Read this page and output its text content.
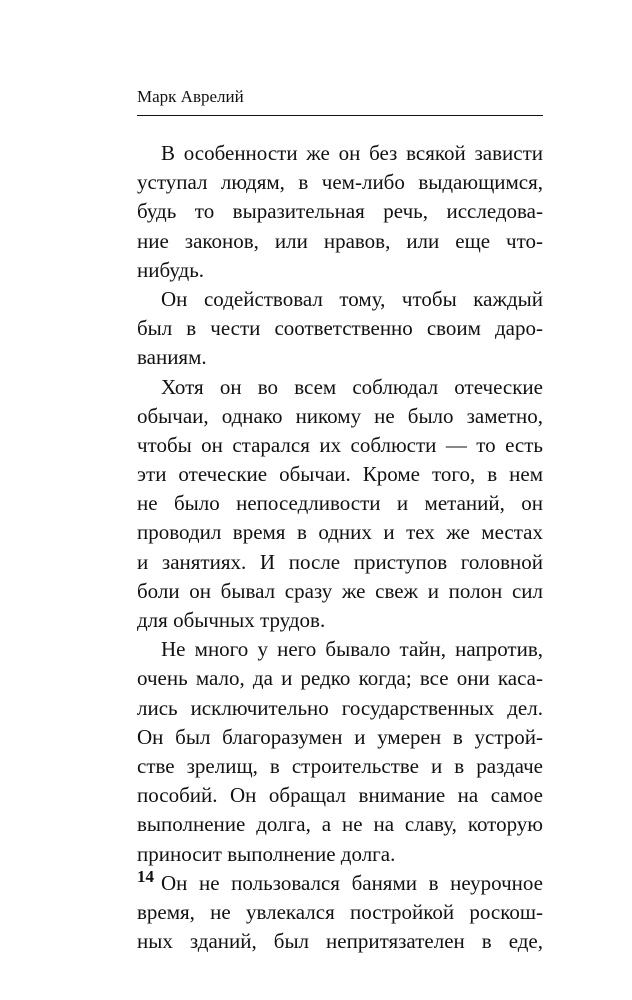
Марк Аврелий
В особенности же он без всякой зависти
уступал людям, в чем-либо выдающимся,
будь то выразительная речь, исследова-
ние законов, или нравов, или еще что-
нибудь.
Он содействовал тому, чтобы каждый
был в чести соответственно своим даро-
ваниям.
Хотя он во всем соблюдал отеческие
обычаи, однако никому не было заметно,
чтобы он старался их соблюсти — то есть
эти отеческие обычаи. Кроме того, в нем
не было непоседливости и метаний, он
проводил время в одних и тех же местах
и занятиях. И после приступов головной
боли он бывал сразу же свеж и полон сил
для обычных трудов.
Не много у него бывало тайн, напротив,
очень мало, да и редко когда; все они каса-
лись исключительно государственных дел.
Он был благоразумен и умерен в устрой-
стве зрелищ, в строительстве и в раздаче
пособий. Он обращал внимание на самое
выполнение долга, а не на славу, которую
приносит выполнение долга.
Он не пользовался банями в неурочное
время, не увлекался постройкой роскош-
ных зданий, был непритязателен в еде,
14
